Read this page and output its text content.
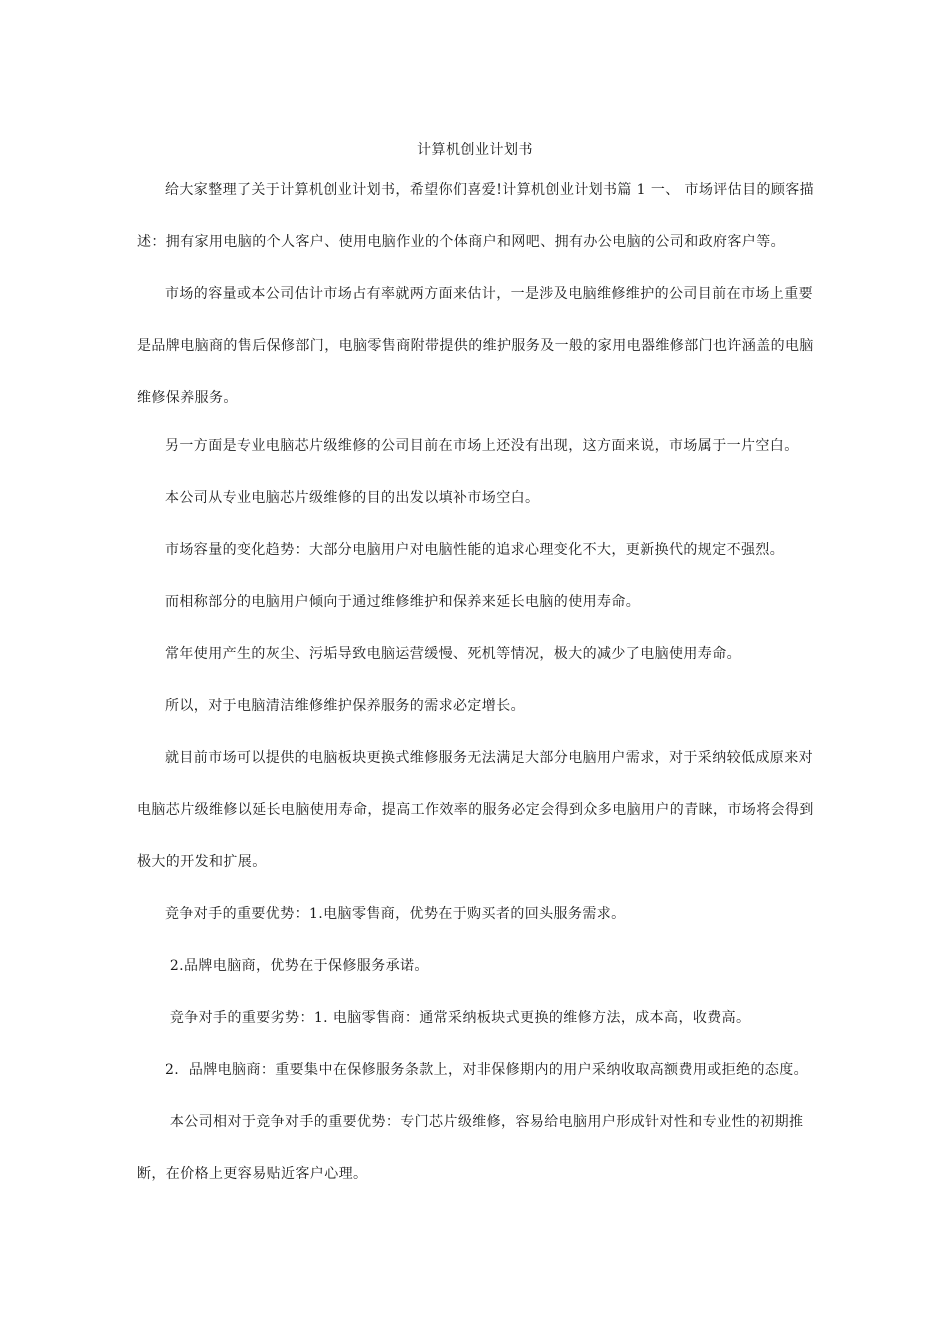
计算机创业计划书
给大家整理了关于计算机创业计划书，希望你们喜爱!计算机创业计划书篇 1 一、 市场评估目的顾客描
述：拥有家用电脑的个人客户、使用电脑作业的个体商户和网吧、拥有办公电脑的公司和政府客户等。
市场的容量或本公司估计市场占有率就两方面来估计，一是涉及电脑维修维护的公司目前在市场上重要
是品牌电脑商的售后保修部门，电脑零售商附带提供的维护服务及一般的家用电器维修部门也许涵盖的电脑
维修保养服务。
另一方面是专业电脑芯片级维修的公司目前在市场上还没有出现，这方面来说，市场属于一片空白。
本公司从专业电脑芯片级维修的目的出发以填补市场空白。
市场容量的变化趋势：大部分电脑用户对电脑性能的追求心理变化不大，更新换代的规定不强烈。
而相称部分的电脑用户倾向于通过维修维护和保养来延长电脑的使用寿命。
常年使用产生的灰尘、污垢导致电脑运营缓慢、死机等情况，极大的减少了电脑使用寿命。
所以，对于电脑清洁维修维护保养服务的需求必定增长。
就目前市场可以提供的电脑板块更换式维修服务无法满足大部分电脑用户需求，对于采纳较低成原来对
电脑芯片级维修以延长电脑使用寿命，提高工作效率的服务必定会得到众多电脑用户的青睐，市场将会得到
极大的开发和扩展。
竞争对手的重要优势：1.电脑零售商，优势在于购买者的回头服务需求。
2.品牌电脑商，优势在于保修服务承诺。
竞争对手的重要劣势：1. 电脑零售商：通常采纳板块式更换的维修方法，成本高，收费高。
2.  品牌电脑商：重要集中在保修服务条款上，对非保修期内的用户采纳收取高额费用或拒绝的态度。
本公司相对于竞争对手的重要优势：专门芯片级维修，容易给电脑用户形成针对性和专业性的初期推
断，在价格上更容易贴近客户心理。
